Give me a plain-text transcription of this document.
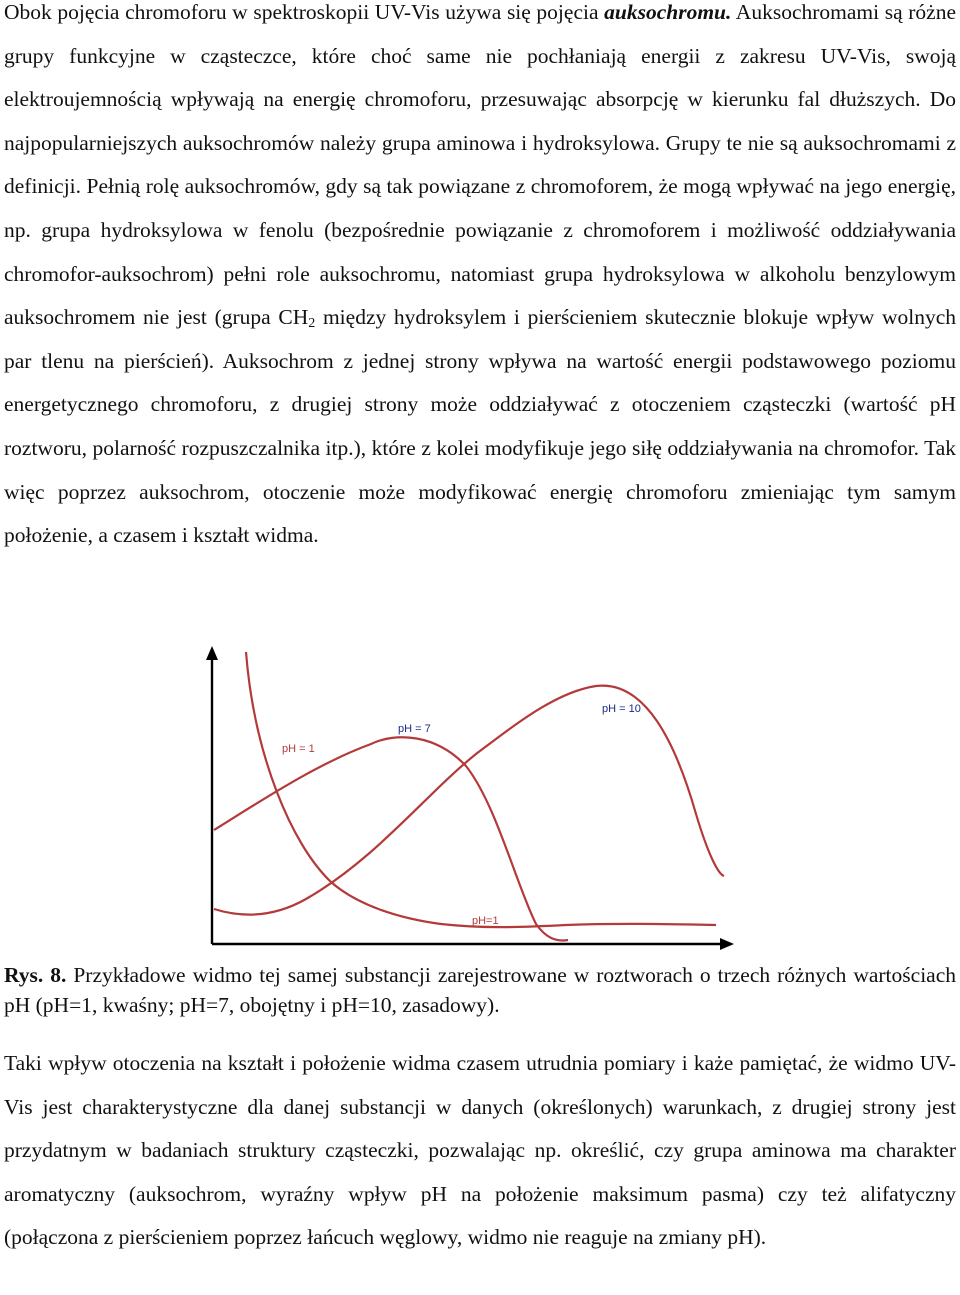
Obok pojęcia chromoforu w spektroskopii UV-Vis używa się pojęcia auksochromu. Auksochromami są różne grupy funkcyjne w cząsteczce, które choć same nie pochłaniają energii z zakresu UV-Vis, swoją elektroujemnością wpływają na energię chromoforu, przesuwając absorpcję w kierunku fal dłuższych. Do najpopularniejszych auksochromów należy grupa aminowa i hydroksylowa. Grupy te nie są auksochromami z definicji. Pełnią rolę auksochromów, gdy są tak powiązane z chromoforem, że mogą wpływać na jego energię, np. grupa hydroksylowa w fenolu (bezpośrednie powiązanie z chromoforem i możliwość oddziaływania chromofor-auksochrom) pełni role auksochromu, natomiast grupa hydroksylowa w alkoholu benzylowym auksochromem nie jest (grupa $CH_2$ między hydroksylem i pierścieniem skutecznie blokuje wpływ wolnych par tlenu na pierścień). Auksochrom z jednej strony wpływa na wartość energii podstawowego poziomu energetycznego chromoforu, z drugiej strony może oddziaływać z otoczeniem cząsteczki (wartość pH roztworu, polarność rozpuszczalnika itp.), które z kolei modyfikuje jego siłę oddziaływania na chromofor. Tak więc poprzez auksochrom, otoczenie może modyfikować energię chromoforu zmieniając tym samym położenie, a czasem i kształt widma.

pH = 1
pH = 7
pH = 10
pH=1

Rys. 8. Przykładowe widmo tej samej substancji zarejestrowane w roztworach o trzech różnych wartościach pH (pH=1, kwaśny; pH=7, obojętny i pH=10, zasadowy).

Taki wpływ otoczenia na kształt i położenie widma czasem utrudnia pomiary i każe pamiętać, że widmo UV-Vis jest charakterystyczne dla danej substancji w danych (określonych) warunkach, z drugiej strony jest przydatnym w badaniach struktury cząsteczki, pozwalając np. określić, czy grupa aminowa ma charakter aromatyczny (auksochrom, wyraźny wpływ pH na położenie maksimum pasma) czy też alifatyczny (połączona z pierścieniem poprzez łańcuch węglowy, widmo nie reaguje na zmiany pH).
